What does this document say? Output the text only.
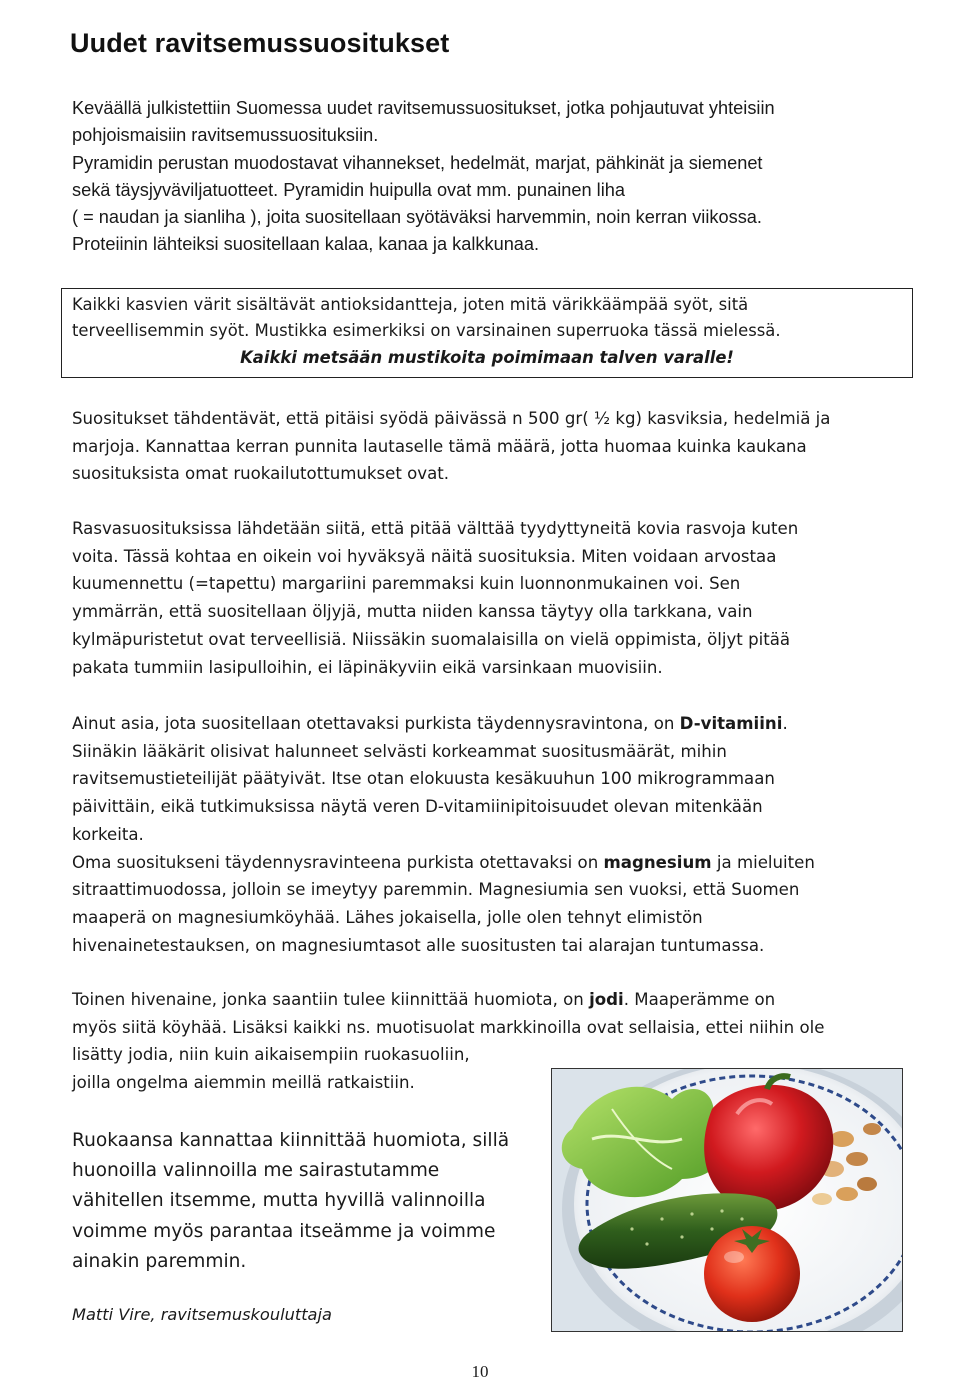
Uudet ravitsemussuositukset
Keväällä julkistettiin Suomessa uudet ravitsemussuositukset, jotka pohjautuvat yhteisiin
pohjoismaisiin ravitsemussuosituksiin.
Pyramidin perustan muodostavat vihannekset, hedelmät, marjat, pähkinät ja siemenet
sekä täysjyväviljatuotteet. Pyramidin huipulla ovat mm. punainen liha
( = naudan ja sianliha ), joita suositellaan syötäväksi harvemmin, noin kerran viikossa.
Proteiinin lähteiksi suositellaan kalaa, kanaa ja kalkkunaa.
Kaikki kasvien värit sisältävät antioksidantteja, joten mitä värikkäämpää syöt, sitä
terveellisemmin syöt. Mustikka esimerkiksi on varsinainen superruoka tässä mielessä.
Kaikki metsään mustikoita poimimaan talven varalle!
Suositukset tähdentävät, että pitäisi syödä päivässä n 500 gr( ½ kg) kasviksia, hedelmiä ja
marjoja. Kannattaa kerran punnita lautaselle tämä määrä, jotta huomaa kuinka kaukana
suosituksista omat ruokailutottumukset ovat.
Rasvasuosituksissa lähdetään siitä, että pitää välttää tyydyttyneitä kovia rasvoja kuten
voita. Tässä kohtaa en oikein voi hyväksyä näitä suosituksia. Miten voidaan arvostaa
kuumennettu (=tapettu) margariini paremmaksi kuin luonnonmukainen voi. Sen
ymmärrän, että suositellaan öljyjä, mutta niiden kanssa täytyy olla tarkkana, vain
kylmäpuristetut ovat terveellisiä. Niissäkin suomalaisilla on vielä oppimista, öljyt pitää
pakata tummiin lasipulloihin, ei läpinäkyviin eikä varsinkaan muovisiin.
Ainut asia, jota suositellaan otettavaksi purkista täydennysravintona, on D-vitamiini.
Siinäkin lääkärit olisivat halunneet selvästi korkeammat suositusmäärät, mihin
ravitsemustieteilijät päätyivät. Itse otan elokuusta kesäkuuhun 100 mikrogrammaan
päivittäin, eikä tutkimuksissa näytä veren D-vitamiinipitoisuudet olevan mitenkään
korkeita.
Oma suositukseni täydennysravinteena purkista otettavaksi on magnesium ja mieluiten
sitraattimuodossa, jolloin se imeytyy paremmin. Magnesiumia sen vuoksi, että Suomen
maaperä on magnesiumköyhää. Lähes jokaisella, jolle olen tehnyt elimistön
hivenainetestauksen, on magnesiumtasot alle suositusten tai alarajan tuntumassa.
Toinen hivenaine, jonka saantiin tulee kiinnittää huomiota, on jodi. Maaperämme on
myös siitä köyhää. Lisäksi kaikki ns. muotisuolat markkinoilla ovat sellaisia, ettei niihin ole
lisätty jodia, niin kuin aikaisempiin ruokasuoliin,
joilla ongelma aiemmin meillä ratkaistiin.
Ruokaansa kannattaa kiinnittää huomiota, sillä
huonoilla valinnoilla me sairastutamme
vähitellen itsemme, mutta hyvillä valinnoilla
voimme myös parantaa itseämme ja voimme
ainakin paremmin.
Matti Vire, ravitsemuskouluttaja
10
